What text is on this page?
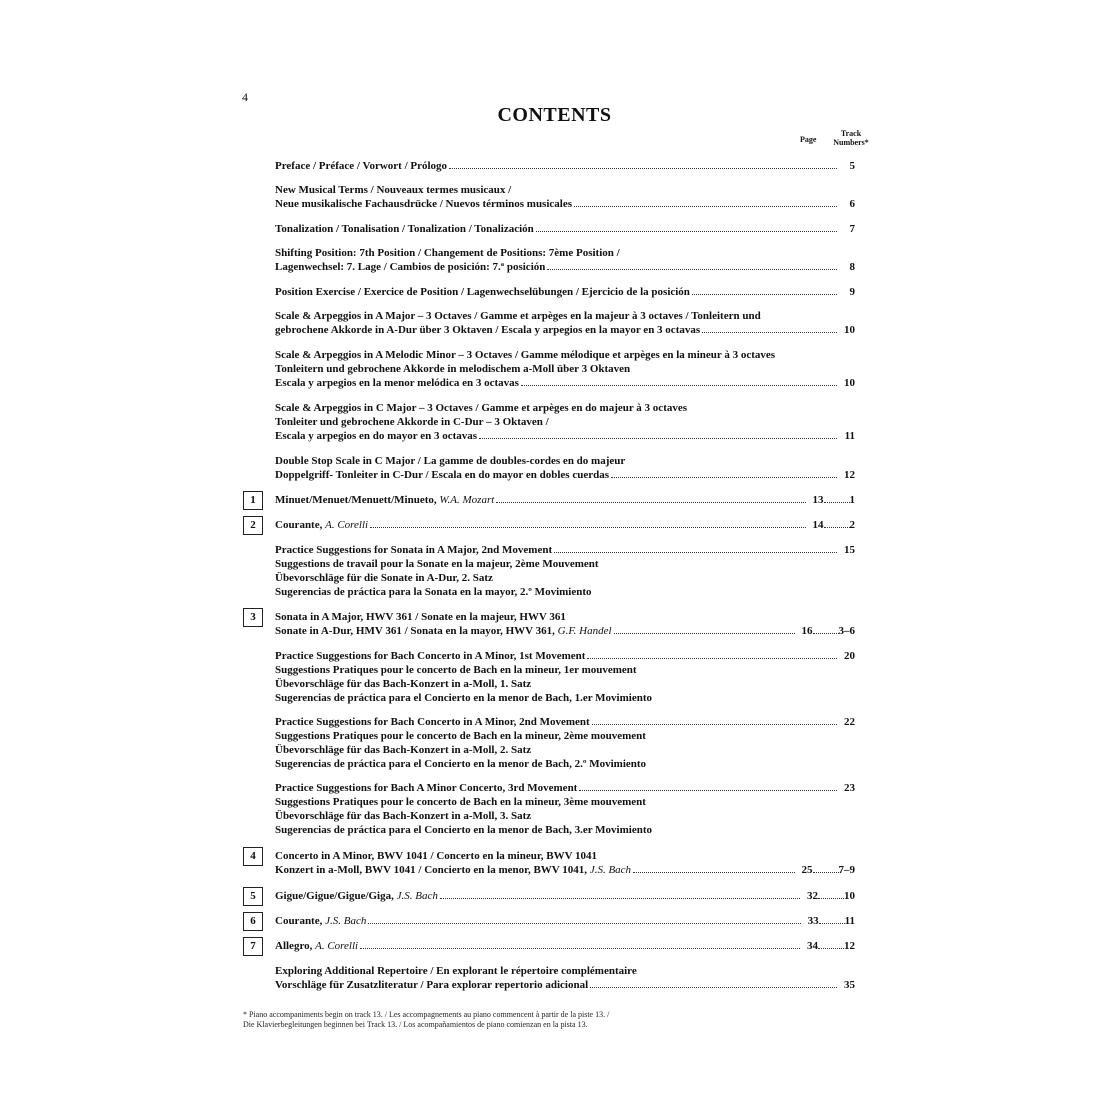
4
CONTENTS
Page
Track
Numbers*
Preface / Préface / Vorwort / Prólogo	5
New Musical Terms / Nouveaux termes musicaux /
Neue musikalische Fachausdrücke / Nuevos términos musicales	6
Tonalization / Tonalisation / Tonalization / Tonalización	7
Shifting Position: 7th Position / Changement de Positions: 7ème Position /
Lagenwechsel: 7. Lage / Cambios de posición: 7.ª posición	8
Position Exercise / Exercice de Position / Lagenwechselübungen / Ejercicio de la posición	9
Scale & Arpeggios in A Major – 3 Octaves / Gamme et arpèges en la majeur à 3 octaves / Tonleitern und
gebrochene Akkorde in A-Dur über 3 Oktaven / Escala y arpegios en la mayor en 3 octavas	10
Scale & Arpeggios in A Melodic Minor – 3 Octaves / Gamme mélodique et arpèges en la mineur à 3 octaves
Tonleitern und gebrochene Akkorde in melodischem a-Moll über 3 Oktaven
Escala y arpegios en la menor melódica en 3 octavas	10
Scale & Arpeggios in C Major – 3 Octaves / Gamme et arpèges en do majeur à 3 octaves
Tonleiter und gebrochene Akkorde in C-Dur – 3 Oktaven /
Escala y arpegios en do mayor en 3 octavas	11
Double Stop Scale in C Major / La gamme de doubles-cordes en do majeur
Doppelgriff- Tonleiter in C-Dur / Escala en do mayor en dobles cuerdas	12
1	Minuet/Menuet/Menuett/Minueto, W.A. Mozart	13 1
2	Courante, A. Corelli	14 2
Practice Suggestions for Sonata in A Major, 2nd Movement	15
Suggestions de travail pour la Sonate en la majeur, 2ème Mouvement
Übevorschläge für die Sonate in A-Dur, 2. Satz
Sugerencias de práctica para la Sonata en la mayor, 2.º Movimiento
3	Sonata in A Major, HWV 361 / Sonate en la majeur, HWV 361
Sonate in A-Dur, HMV 361 / Sonata en la mayor, HWV 361, G.F. Handel	16 3–6
Practice Suggestions for Bach Concerto in A Minor, 1st Movement	20
Suggestions Pratiques pour le concerto de Bach en la mineur, 1er mouvement
Übevorschläge für das Bach-Konzert in a-Moll, 1. Satz
Sugerencias de práctica para el Concierto en la menor de Bach, 1.er Movimiento
Practice Suggestions for Bach Concerto in A Minor, 2nd Movement	22
Suggestions Pratiques pour le concerto de Bach en la mineur, 2ème mouvement
Übevorschläge für das Bach-Konzert in a-Moll, 2. Satz
Sugerencias de práctica para el Concierto en la menor de Bach, 2.º Movimiento
Practice Suggestions for Bach A Minor Concerto, 3rd Movement	23
Suggestions Pratiques pour le concerto de Bach en la mineur, 3ème mouvement
Übevorschläge für das Bach-Konzert in a-Moll, 3. Satz
Sugerencias de práctica para el Concierto en la menor de Bach, 3.er Movimiento
4	Concerto in A Minor, BWV 1041 / Concerto en la mineur, BWV 1041
Konzert in a-Moll, BWV 1041 / Concierto en la menor, BWV 1041, J.S. Bach	25 7–9
5	Gigue/Gigue/Gigue/Giga, J.S. Bach	32 10
6	Courante, J.S. Bach	33 11
7	Allegro, A. Corelli	34 12
Exploring Additional Repertoire / En explorant le répertoire complémentaire
Vorschläge für Zusatzliteratur / Para explorar repertorio adicional	35
* Piano accompaniments begin on track 13. / Les accompagnements au piano commencent à partir de la piste 13. /
Die Klavierbegleitungen beginnen bei Track 13. / Los acompañamientos de piano comienzan en la pista 13.
